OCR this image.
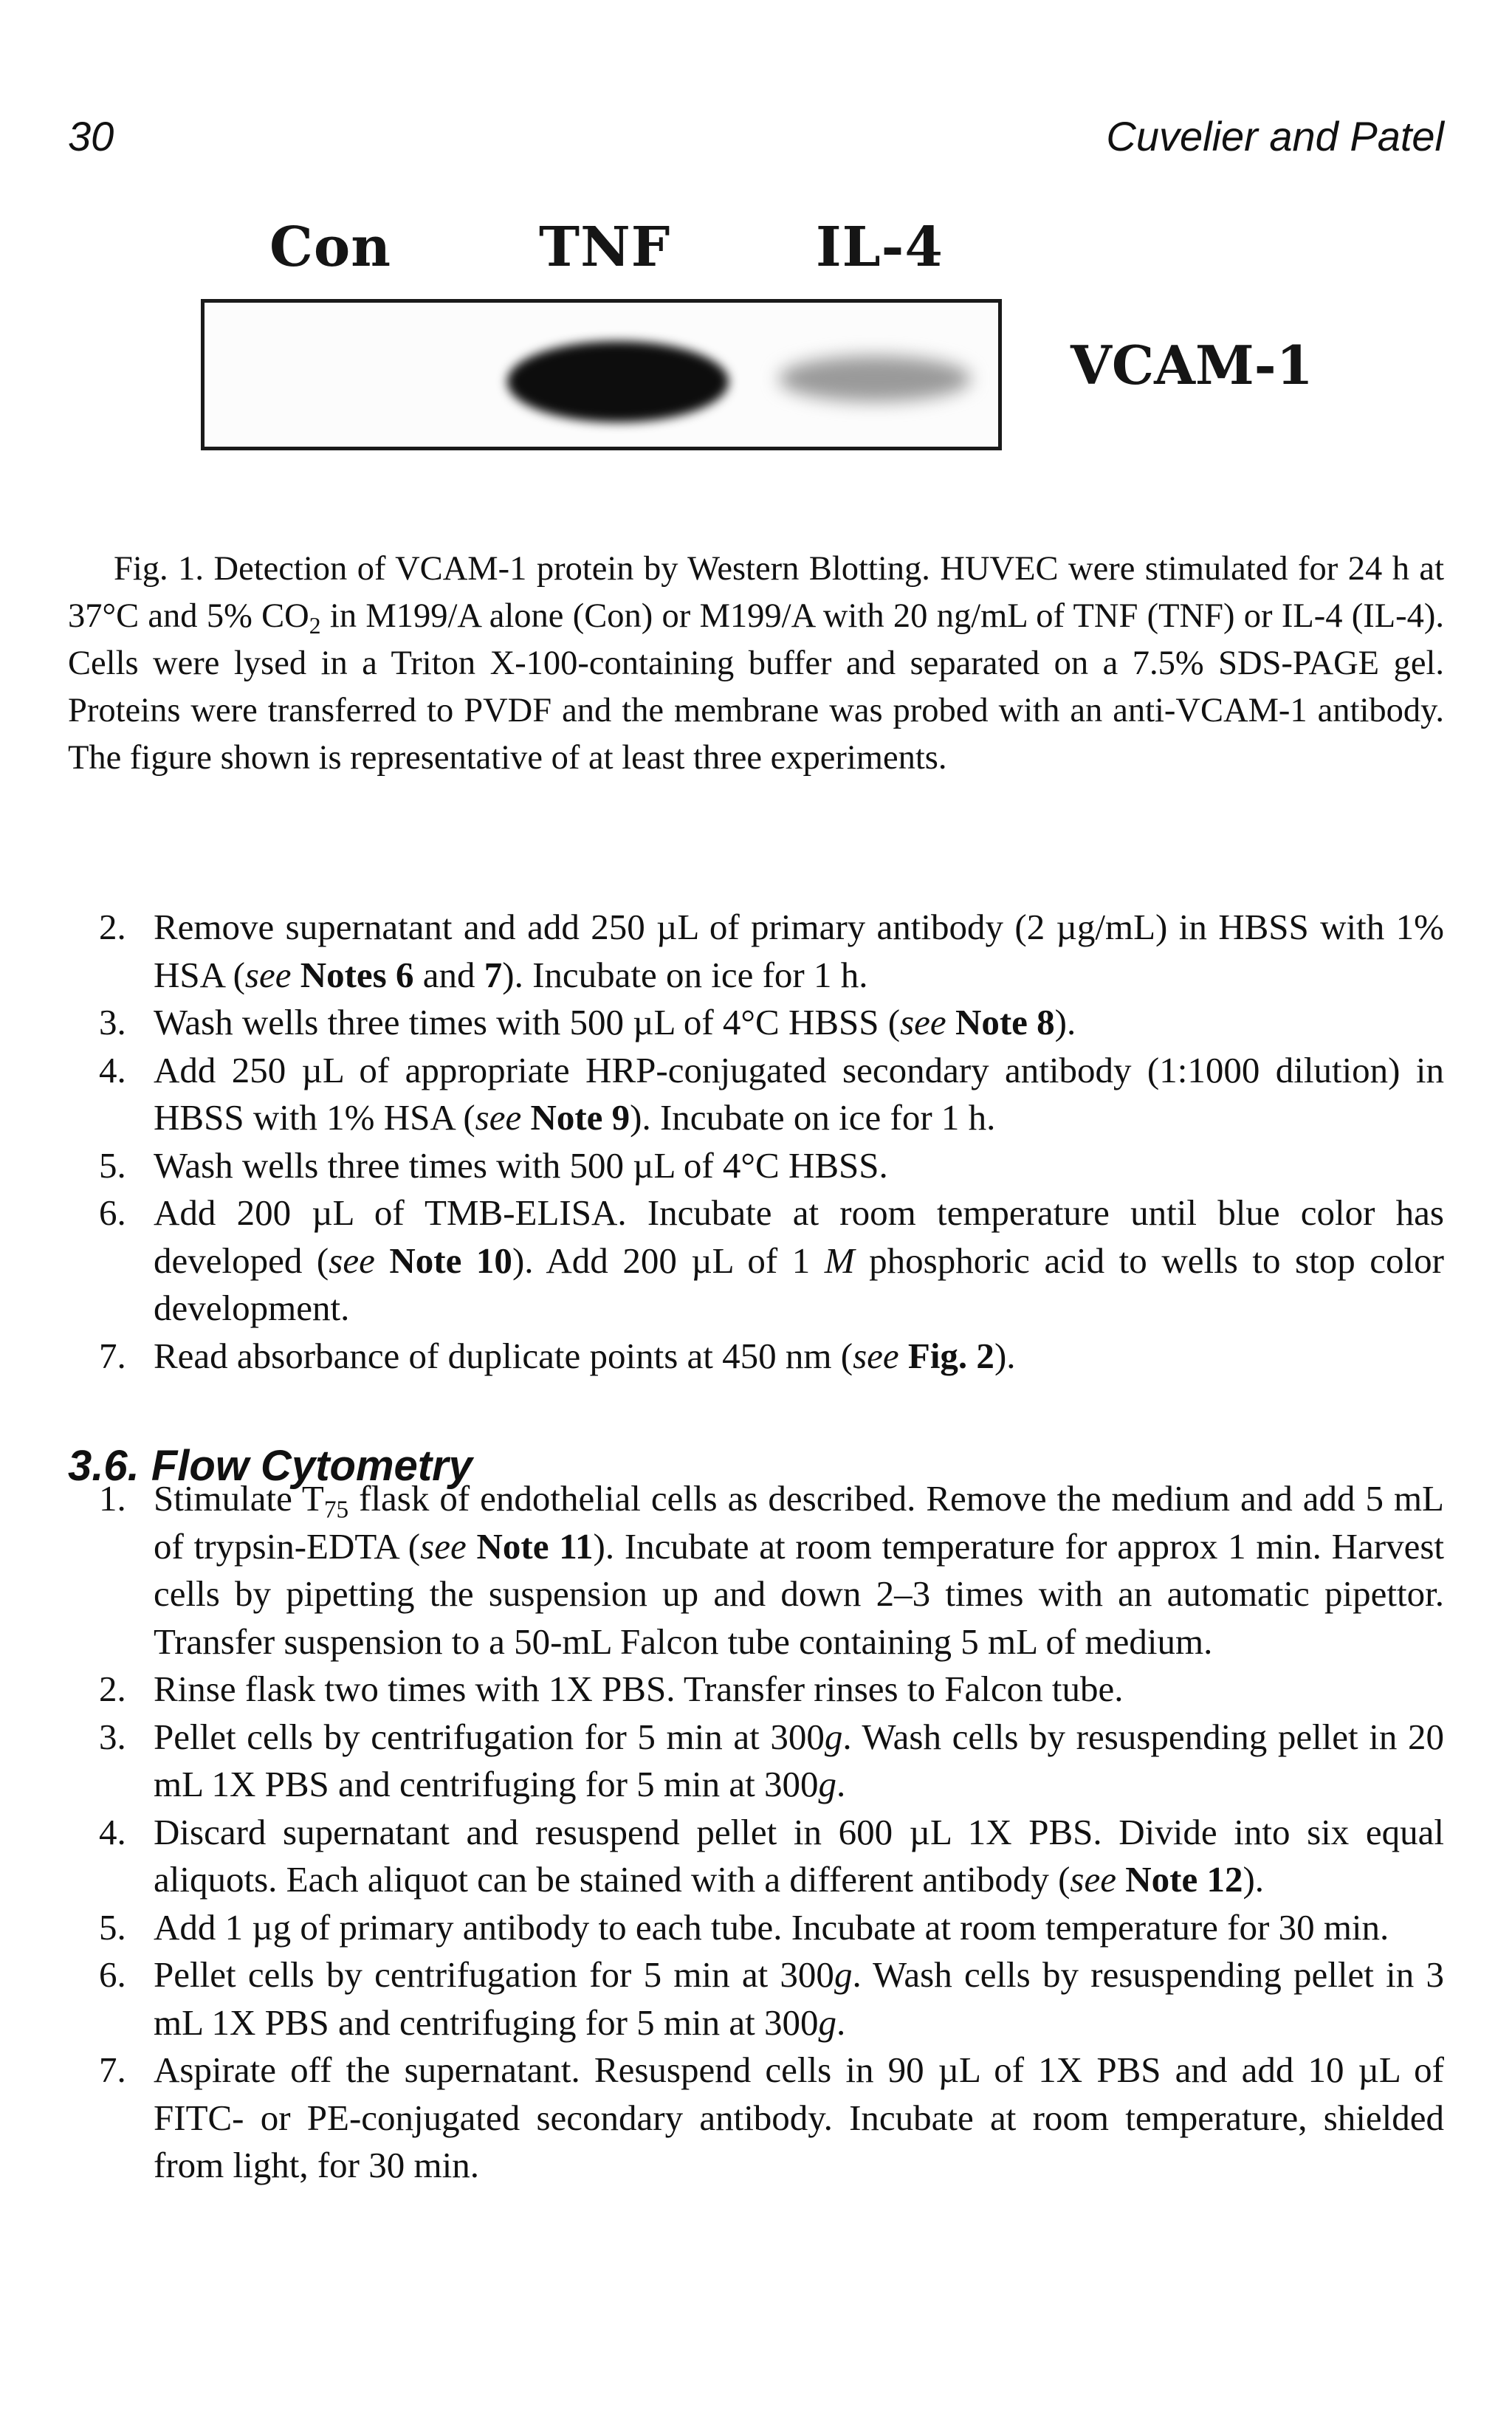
30	Cuvelier and Patel
Con	TNF	IL-4
VCAM-1

Fig. 1. Detection of VCAM-1 protein by Western Blotting. HUVEC were stimulated for 24 h at 37°C and 5% $CO_2$ in M199/A alone (Con) or M199/A with 20 ng/mL of TNF (TNF) or IL-4 (IL-4). Cells were lysed in a Triton X-100-containing buffer and separated on a 7.5% SDS-PAGE gel. Proteins were transferred to PVDF and the membrane was probed with an anti-VCAM-1 antibody. The figure shown is representative of at least three experiments.

2. Remove supernatant and add 250 µL of primary antibody (2 µg/mL) in HBSS with 1% HSA (see Notes 6 and 7). Incubate on ice for 1 h.
3. Wash wells three times with 500 µL of 4°C HBSS (see Note 8).
4. Add 250 µL of appropriate HRP-conjugated secondary antibody (1:1000 dilution) in HBSS with 1% HSA (see Note 9). Incubate on ice for 1 h.
5. Wash wells three times with 500 µL of 4°C HBSS.
6. Add 200 µL of TMB-ELISA. Incubate at room temperature until blue color has developed (see Note 10). Add 200 µL of 1 M phosphoric acid to wells to stop color development.
7. Read absorbance of duplicate points at 450 nm (see Fig. 2).
3.6. Flow Cytometry
1. Stimulate $T_{75}$ flask of endothelial cells as described. Remove the medium and add 5 mL of trypsin-EDTA (see Note 11). Incubate at room temperature for approx 1 min. Harvest cells by pipetting the suspension up and down 2–3 times with an automatic pipettor. Transfer suspension to a 50-mL Falcon tube containing 5 mL of medium.
2. Rinse flask two times with 1X PBS. Transfer rinses to Falcon tube.
3. Pellet cells by centrifugation for 5 min at 300g. Wash cells by resuspending pellet in 20 mL 1X PBS and centrifuging for 5 min at 300g.
4. Discard supernatant and resuspend pellet in 600 µL 1X PBS. Divide into six equal aliquots. Each aliquot can be stained with a different antibody (see Note 12).
5. Add 1 µg of primary antibody to each tube. Incubate at room temperature for 30 min.
6. Pellet cells by centrifugation for 5 min at 300g. Wash cells by resuspending pellet in 3 mL 1X PBS and centrifuging for 5 min at 300g.
7. Aspirate off the supernatant. Resuspend cells in 90 µL of 1X PBS and add 10 µL of FITC- or PE-conjugated secondary antibody. Incubate at room temperature, shielded from light, for 30 min.
